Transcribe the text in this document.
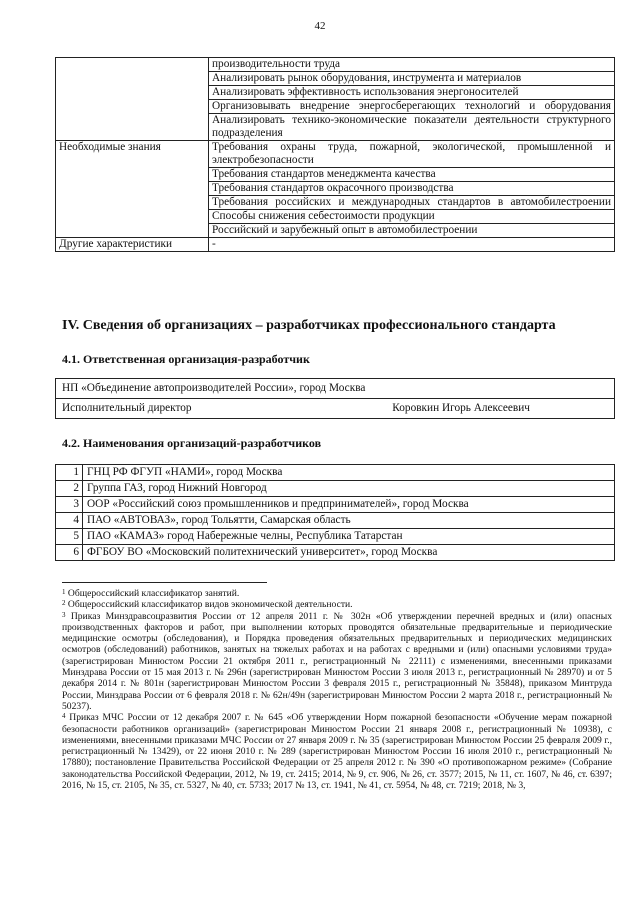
42
	производительности труда
	Анализировать рынок оборудования, инструмента и материалов
	Анализировать эффективность использования энергоносителей
	Организовывать внедрение энергосберегающих технологий и оборудования
	Анализировать технико-экономические показатели деятельности структурного подразделения
Необходимые знания	Требования охраны труда, пожарной, экологической, промышленной и электробезопасности
	Требования стандартов менеджмента качества
	Требования стандартов окрасочного производства
	Требования российских и международных стандартов в автомобилестроении
	Способы снижения себестоимости продукции
	Российский и зарубежный опыт в автомобилестроении
Другие характеристики	-
IV. Сведения об организациях – разработчиках профессионального стандарта
4.1. Ответственная организация-разработчик
НП «Объединение автопроизводителей России», город Москва

Исполнительный директор	Коровкин Игорь Алексеевич
4.2. Наименования организаций-разработчиков
1	ГНЦ РФ ФГУП «НАМИ», город Москва
2	Группа ГАЗ, город Нижний Новгород
3	ООР «Российский союз промышленников и предпринимателей», город Москва
4	ПАО «АВТОВАЗ», город Тольятти, Самарская область
5	ПАО «КАМАЗ» город Набережные челны, Республика Татарстан
6	ФГБОУ ВО «Московский политехнический университет», город Москва

$^1$ Общероссийский классификатор занятий.

$^2$ Общероссийский классификатор видов экономической деятельности.

$^3$ Приказ Минздравсоцразвития России от 12 апреля 2011 г. № 302н «Об утверждении перечней вредных и (или) опасных производственных факторов и работ, при выполнении которых проводятся обязательные предварительные и периодические медицинские осмотры (обследования), и Порядка проведения обязательных предварительных и периодических медицинских осмотров (обследований) работников, занятых на тяжелых работах и на работах с вредными и (или) опасными условиями труда» (зарегистрирован Минюстом России 21 октября 2011 г., регистрационный № 22111) с изменениями, внесенными приказами Минздрава России от 15 мая 2013 г. № 296н (зарегистрирован Минюстом России 3 июля 2013 г., регистрационный № 28970) и от 5 декабря 2014 г. № 801н (зарегистрирован Минюстом России 3 февраля 2015 г., регистрационный № 35848), приказом Минтруда России, Минздрава России от 6 февраля 2018 г. № 62н/49н (зарегистрирован Минюстом России 2 марта 2018 г., регистрационный № 50237).

$^4$ Приказ МЧС России от 12 декабря 2007 г. № 645 «Об утверждении Норм пожарной безопасности «Обучение мерам пожарной безопасности работников организаций» (зарегистрирован Минюстом России 21 января 2008 г., регистрационный № 10938), с изменениями, внесенными приказами МЧС России от 27 января 2009 г. № 35 (зарегистрирован Минюстом России 25 февраля 2009 г., регистрационный № 13429), от 22 июня 2010 г. № 289 (зарегистрирован Минюстом России 16 июля 2010 г., регистрационный № 17880); постановление Правительства Российской Федерации от 25 апреля 2012 г. № 390 «О противопожарном режиме» (Собрание законодательства Российской Федерации, 2012, № 19, ст. 2415; 2014, № 9, ст. 906, № 26, ст. 3577; 2015, № 11, ст. 1607, № 46, ст. 6397; 2016, № 15, ст. 2105, № 35, ст. 5327, № 40, ст. 5733; 2017 № 13, ст. 1941, № 41, ст. 5954, № 48, ст. 7219; 2018, № 3,
